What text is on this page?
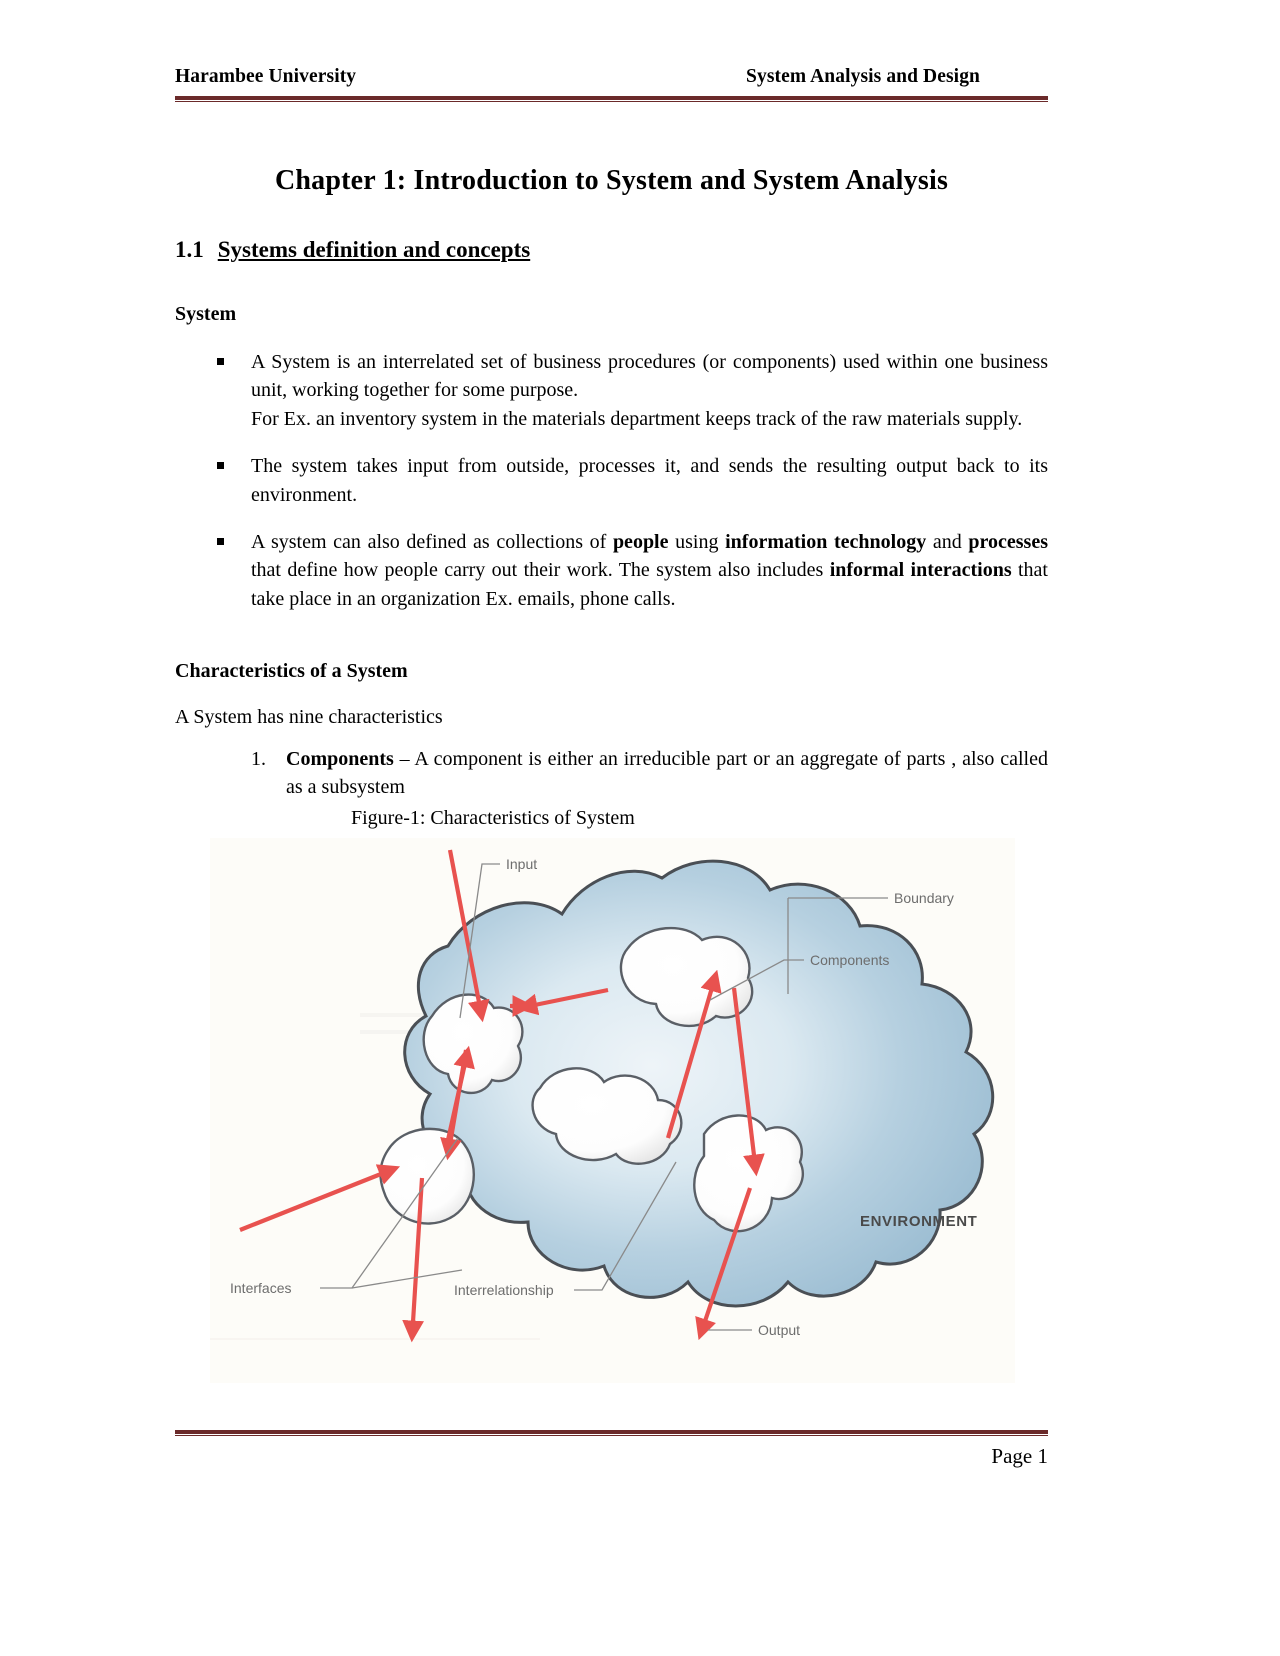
Harambee University	System Analysis and Design
Chapter 1: Introduction to System and System Analysis
1.1 Systems definition and concepts
System

A System is an interrelated set of business procedures (or components) used within one business unit, working together for some purpose.

For Ex. an inventory system in the materials department keeps track of the raw materials supply.

The system takes input from outside, processes it, and sends the resulting output back to its environment.

A system can also defined as collections of people using information technology and processes that define how people carry out their work. The system also includes informal interactions that take place in an organization Ex. emails, phone calls.

Characteristics of a System
A System has nine characteristics
1. Components – A component is either an irreducible part or an aggregate of parts , also called as a subsystem
Figure-1: Characteristics of System
Input
Components
Boundary
ENVIRONMENT
Interfaces	Interrelationship
Output
Page 1
